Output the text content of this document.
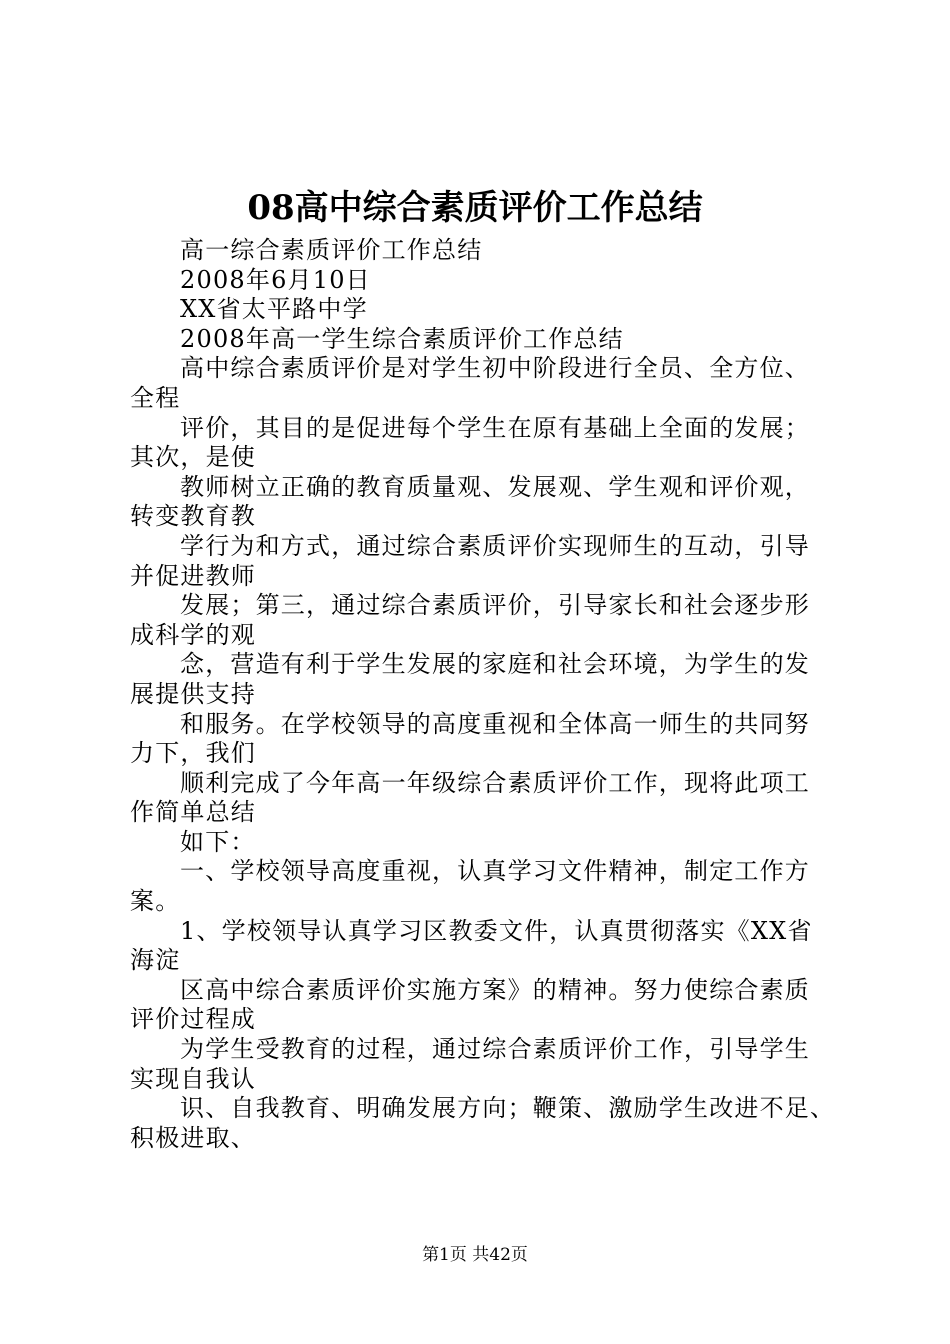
08高中综合素质评价工作总结
高一综合素质评价工作总结
2008年6月10日
XX省太平路中学
2008年高一学生综合素质评价工作总结
高中综合素质评价是对学生初中阶段进行全员、全方位、
全程
评价，其目的是促进每个学生在原有基础上全面的发展；
其次，是使
教师树立正确的教育质量观、发展观、学生观和评价观，
转变教育教
学行为和方式，通过综合素质评价实现师生的互动，引导
并促进教师
发展；第三，通过综合素质评价，引导家长和社会逐步形
成科学的观
念，营造有利于学生发展的家庭和社会环境，为学生的发
展提供支持
和服务。在学校领导的高度重视和全体高一师生的共同努
力下，我们
顺利完成了今年高一年级综合素质评价工作，现将此项工
作简单总结
如下：
一、学校领导高度重视，认真学习文件精神，制定工作方
案。
1、学校领导认真学习区教委文件，认真贯彻落实《XX省
海淀
区高中综合素质评价实施方案》的精神。努力使综合素质
评价过程成
为学生受教育的过程，通过综合素质评价工作，引导学生
实现自我认
识、自我教育、明确发展方向；鞭策、激励学生改进不足、
积极进取、
第1页 共42页
